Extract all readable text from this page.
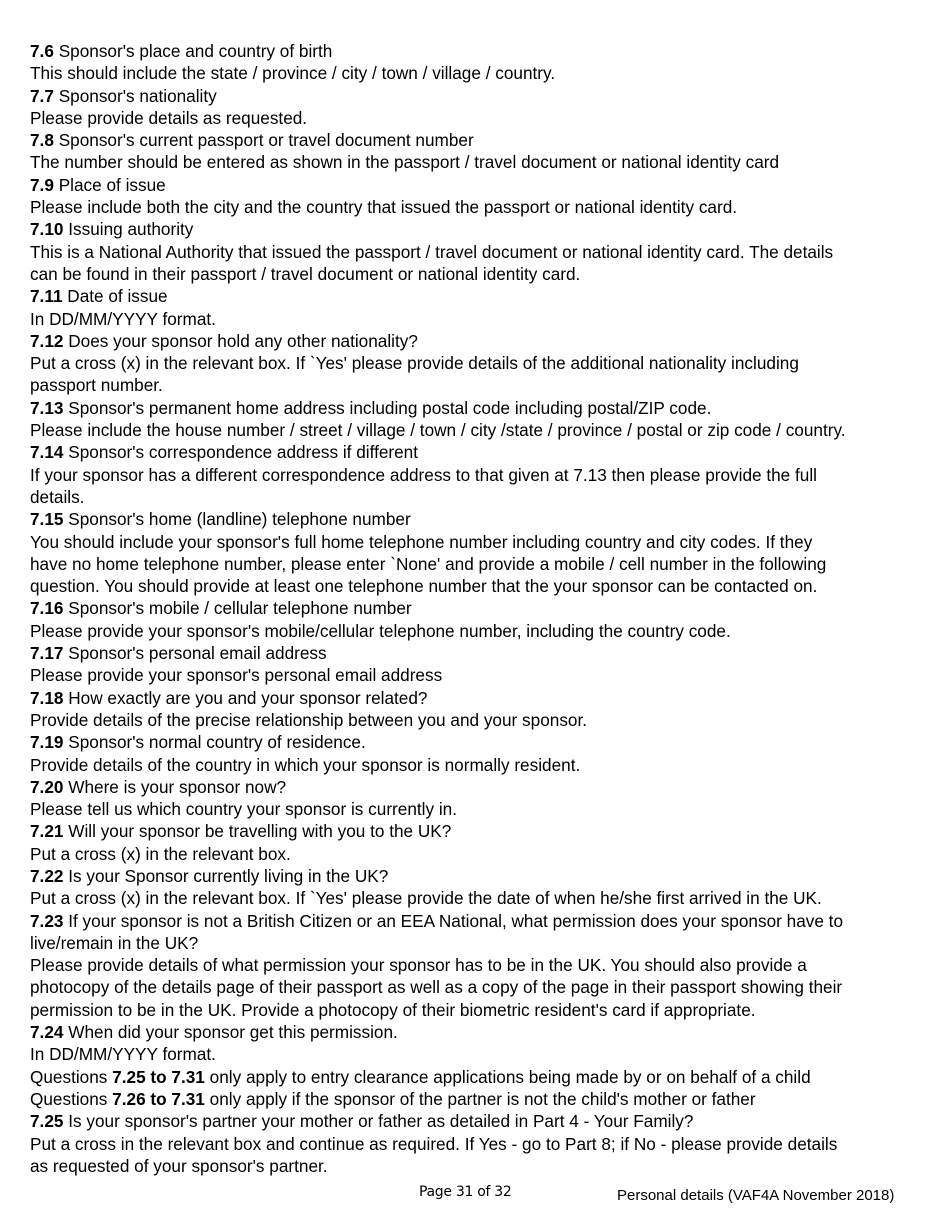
7.6 Sponsor's place and country of birth
This should include the state / province / city / town / village / country.
7.7 Sponsor's nationality
Please provide details as requested.
7.8 Sponsor's current passport or travel document number
The number should be entered as shown in the passport / travel document or national identity card
7.9 Place of issue
Please include both the city and the country that issued the passport or national identity card.
7.10 Issuing authority
This is a National Authority that issued the passport / travel document or national identity card. The details
can be found in their passport / travel document or national identity card.
7.11 Date of issue
In DD/MM/YYYY format.
7.12 Does your sponsor hold any other nationality?
Put a cross (x) in the relevant box. If `Yes' please provide details of the additional nationality including
passport number.
7.13 Sponsor's permanent home address including postal code including postal/ZIP code.
Please include the house number / street / village / town / city /state / province / postal or zip code / country.
7.14 Sponsor's correspondence address if different
If your sponsor has a different correspondence address to that given at 7.13 then please provide the full
details.
7.15 Sponsor's home (landline) telephone number
You should include your sponsor's full home telephone number including country and city codes. If they
have no home telephone number, please enter `None' and provide a mobile / cell number in the following
question. You should provide at least one telephone number that the your sponsor can be contacted on.
7.16 Sponsor's mobile / cellular telephone number
Please provide your sponsor's mobile/cellular telephone number, including the country code.
7.17 Sponsor's personal email address
Please provide your sponsor's personal email address
7.18 How exactly are you and your sponsor related?
Provide details of the precise relationship between you and your sponsor.
7.19 Sponsor's normal country of residence.
Provide details of the country in which your sponsor is normally resident.
7.20 Where is your sponsor now?
Please tell us which country your sponsor is currently in.
7.21 Will your sponsor be travelling with you to the UK?
Put a cross (x) in the relevant box.
7.22 Is your Sponsor currently living in the UK?
Put a cross (x) in the relevant box. If `Yes' please provide the date of when he/she first arrived in the UK.
7.23 If your sponsor is not a British Citizen or an EEA National, what permission does your sponsor have to
live/remain in the UK?
Please provide details of what permission your sponsor has to be in the UK. You should also provide a
photocopy of the details page of their passport as well as a copy of the page in their passport showing their
permission to be in the UK. Provide a photocopy of their biometric resident's card if appropriate.
7.24 When did your sponsor get this permission.
In DD/MM/YYYY format.
Questions 7.25 to 7.31 only apply to entry clearance applications being made by or on behalf of a child
Questions 7.26 to 7.31 only apply if the sponsor of the partner is not the child's mother or father
7.25 Is your sponsor's partner your mother or father as detailed in Part 4 - Your Family?
Put a cross in the relevant box and continue as required. If Yes - go to Part 8; if No - please provide details
as requested of your sponsor's partner.
Page 31 of 32	Personal details (VAF4A November 2018)
